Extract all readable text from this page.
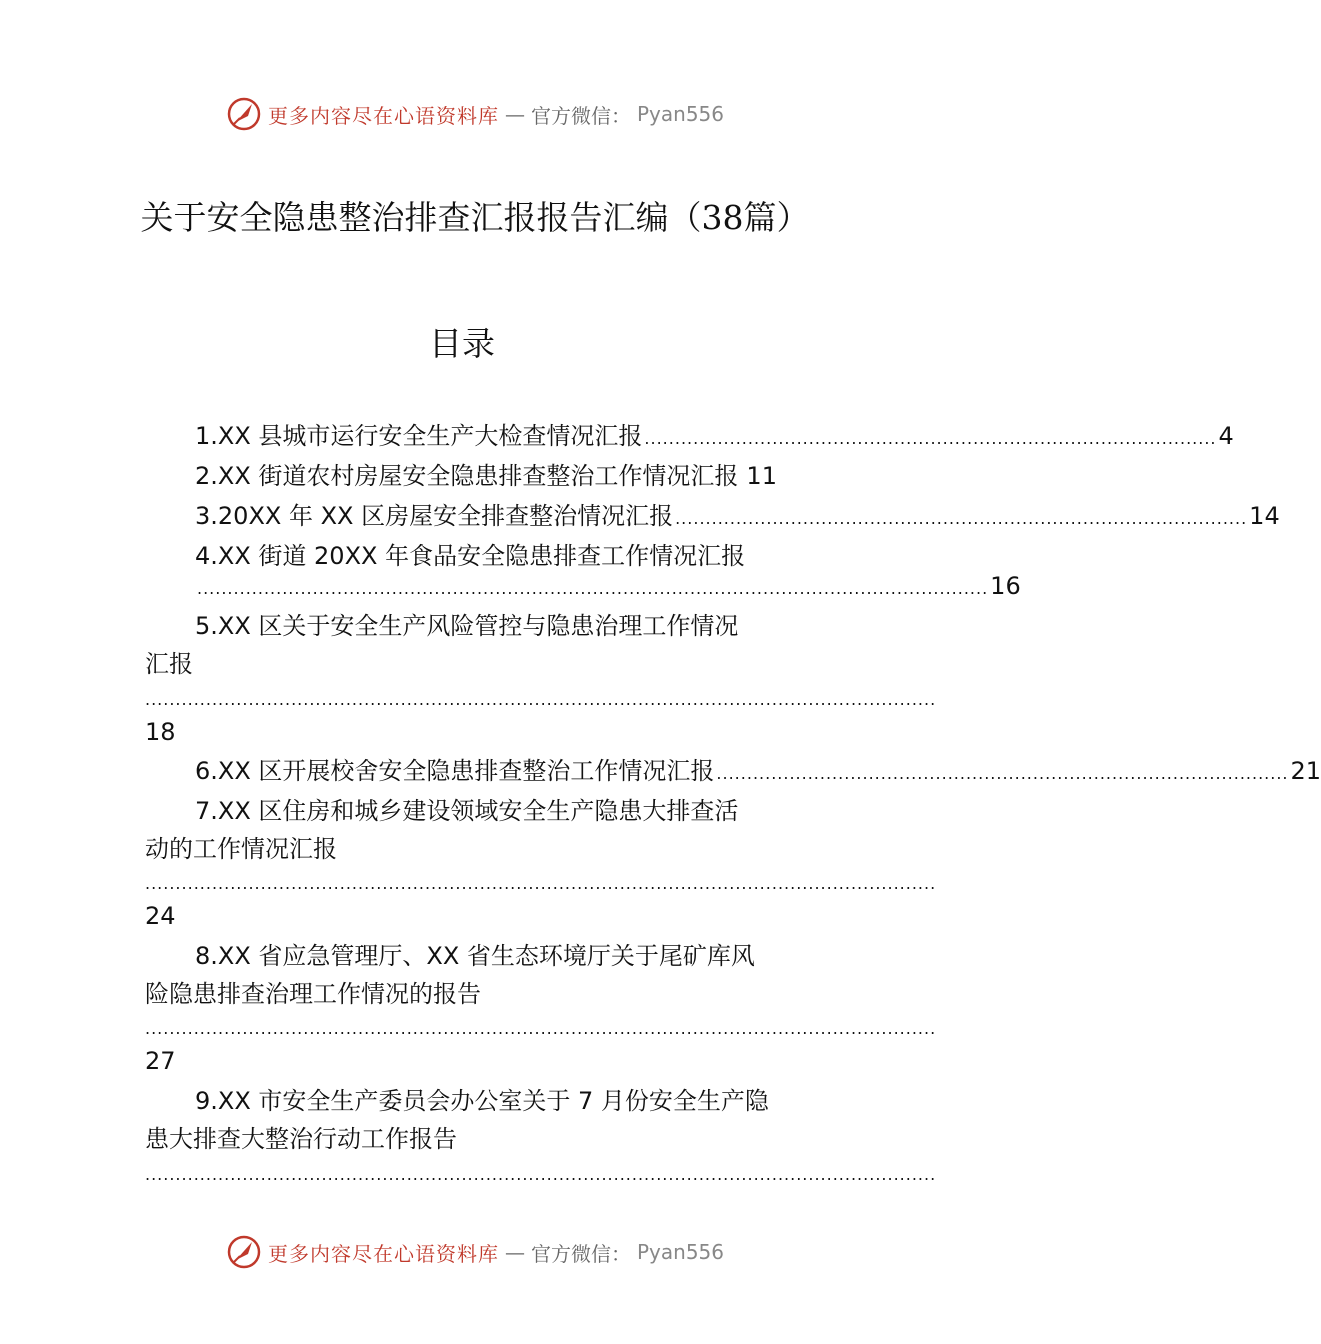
更多内容尽在心语资料库 — 官方微信： Pyan556
关于安全隐患整治排查汇报报告汇编（38篇）
目录
1.XX 县城市运行安全生产大检查情况汇报 .............................................................................................. 4
2.XX 街道农村房屋安全隐患排查整治工作情况汇报 11
3.20XX 年 XX 区房屋安全排查整治情况汇报 .............................................................................................. 14
4.XX 街道 20XX 年食品安全隐患排查工作情况汇报
.................................................................................................................................. 16
5.XX 区关于安全生产风险管控与隐患治理工作情况
汇报
..................................................................................................................................
18
6.XX 区开展校舍安全隐患排查整治工作情况汇报 .............................................................................................. 21
7.XX 区住房和城乡建设领域安全生产隐患大排查活
动的工作情况汇报
..................................................................................................................................
24
8.XX 省应急管理厅、XX 省生态环境厅关于尾矿库风
险隐患排查治理工作情况的报告
..................................................................................................................................
27
9.XX 市安全生产委员会办公室关于 7 月份安全生产隐
患大排查大整治行动工作报告
..................................................................................................................................
更多内容尽在心语资料库 — 官方微信： Pyan556
